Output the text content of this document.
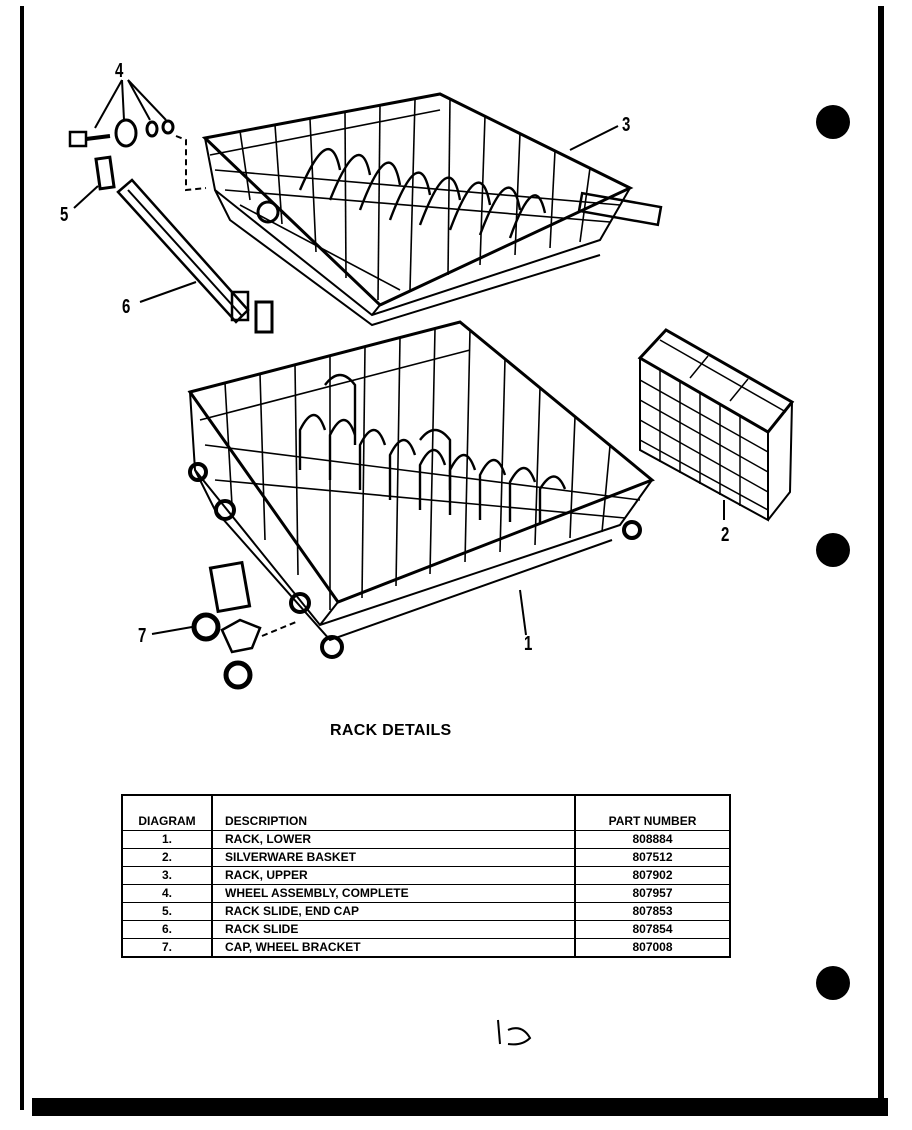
4
3
5
6
2
7	1
RACK DETAILS
DIAGRAM	DESCRIPTION	PART NUMBER
1.	RACK, LOWER	808884
2.	SILVERWARE BASKET	807512
3.	RACK, UPPER	807902
4.	WHEEL ASSEMBLY, COMPLETE	807957
5.	RACK SLIDE, END CAP	807853
6.	RACK SLIDE	807854
7.	CAP, WHEEL BRACKET	807008
